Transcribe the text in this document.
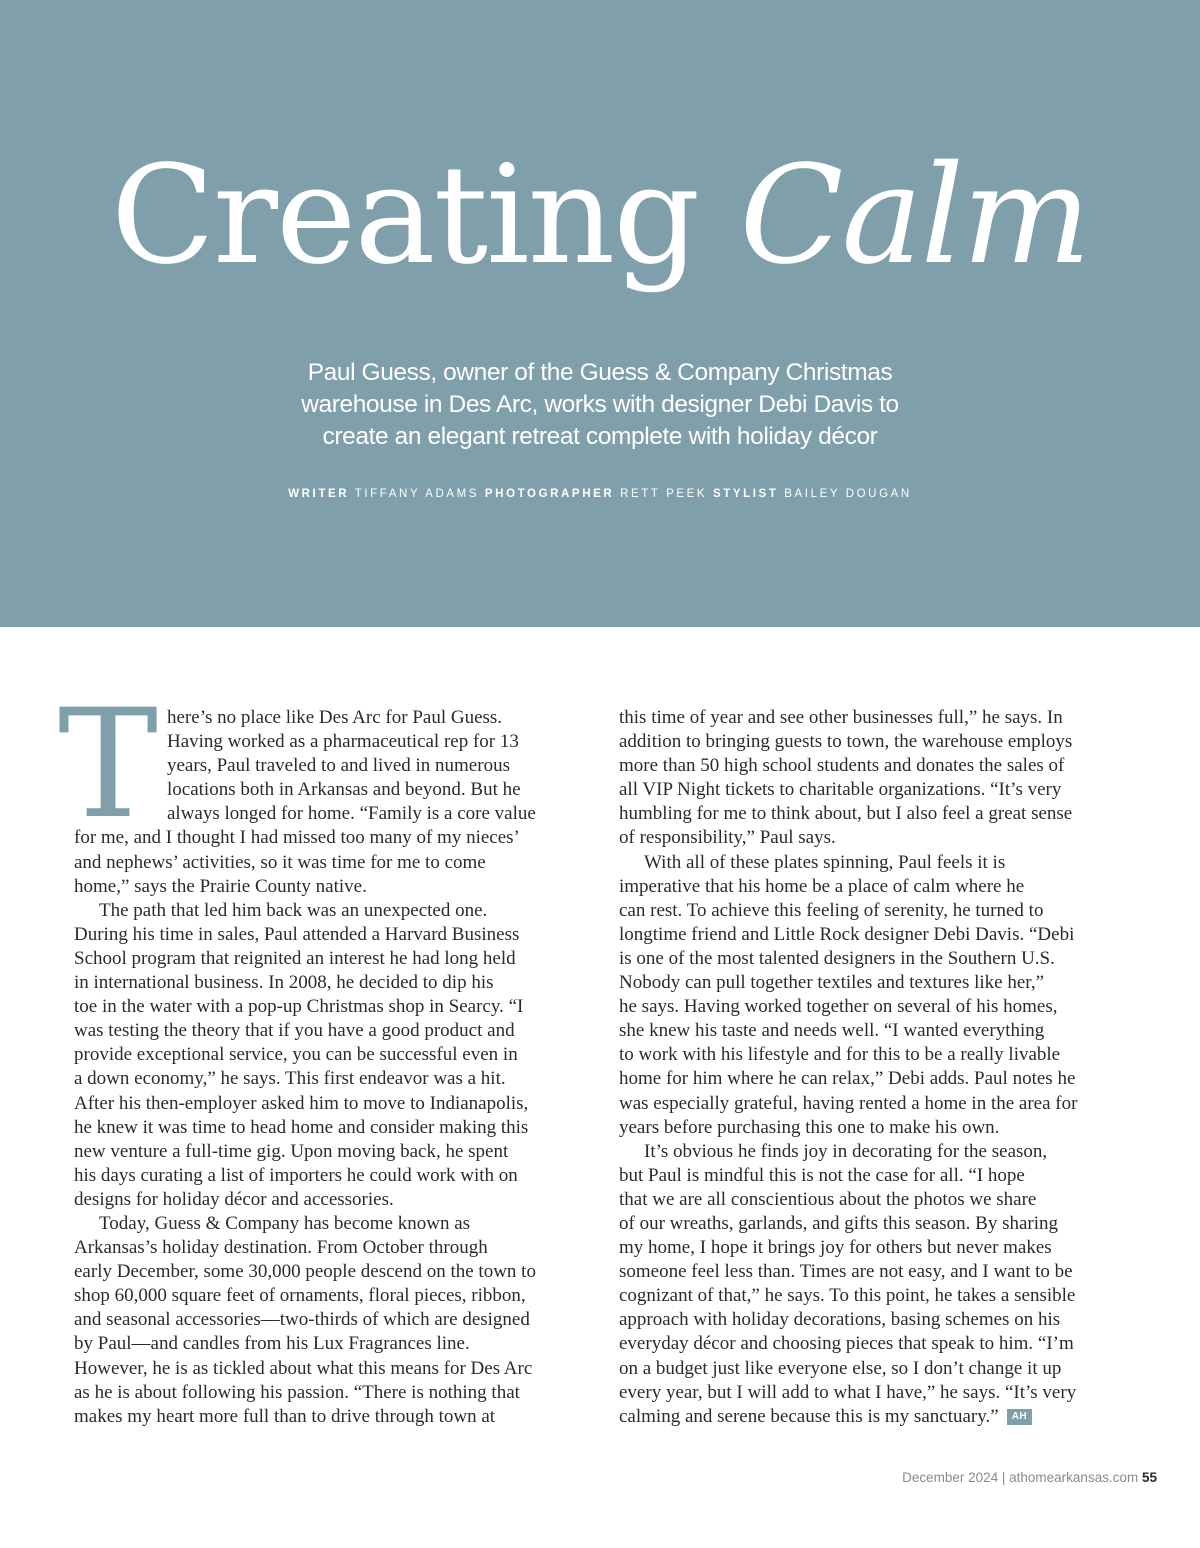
Creating Calm
Paul Guess, owner of the Guess & Company Christmas
warehouse in Des Arc, works with designer Debi Davis to
create an elegant retreat complete with holiday décor
WRITER TIFFANY ADAMS PHOTOGRAPHER RETT PEEK STYLIST BAILEY DOUGAN
T here’s no place like Des Arc for Paul Guess.
Having worked as a pharmaceutical rep for 13
years, Paul traveled to and lived in numerous
locations both in Arkansas and beyond. But he
always longed for home. “Family is a core value
for me, and I thought I had missed too many of my nieces’
and nephews’ activities, so it was time for me to come
home,” says the Prairie County native.
The path that led him back was an unexpected one.
During his time in sales, Paul attended a Harvard Business
School program that reignited an interest he had long held
in international business. In 2008, he decided to dip his
toe in the water with a pop-up Christmas shop in Searcy. “I
was testing the theory that if you have a good product and
provide exceptional service, you can be successful even in
a down economy,” he says. This first endeavor was a hit.
After his then-employer asked him to move to Indianapolis,
he knew it was time to head home and consider making this
new venture a full-time gig. Upon moving back, he spent
his days curating a list of importers he could work with on
designs for holiday décor and accessories.
Today, Guess & Company has become known as
Arkansas’s holiday destination. From October through
early December, some 30,000 people descend on the town to
shop 60,000 square feet of ornaments, floral pieces, ribbon,
and seasonal accessories—two-thirds of which are designed
by Paul—and candles from his Lux Fragrances line.
However, he is as tickled about what this means for Des Arc
as he is about following his passion. “There is nothing that
makes my heart more full than to drive through town at
this time of year and see other businesses full,” he says. In
addition to bringing guests to town, the warehouse employs
more than 50 high school students and donates the sales of
all VIP Night tickets to charitable organizations. “It’s very
humbling for me to think about, but I also feel a great sense
of responsibility,” Paul says.
With all of these plates spinning, Paul feels it is
imperative that his home be a place of calm where he
can rest. To achieve this feeling of serenity, he turned to
longtime friend and Little Rock designer Debi Davis. “Debi
is one of the most talented designers in the Southern U.S.
Nobody can pull together textiles and textures like her,”
he says. Having worked together on several of his homes,
she knew his taste and needs well. “I wanted everything
to work with his lifestyle and for this to be a really livable
home for him where he can relax,” Debi adds. Paul notes he
was especially grateful, having rented a home in the area for
years before purchasing this one to make his own.
It’s obvious he finds joy in decorating for the season,
but Paul is mindful this is not the case for all. “I hope
that we are all conscientious about the photos we share
of our wreaths, garlands, and gifts this season. By sharing
my home, I hope it brings joy for others but never makes
someone feel less than. Times are not easy, and I want to be
cognizant of that,” he says. To this point, he takes a sensible
approach with holiday decorations, basing schemes on his
everyday décor and choosing pieces that speak to him. “I’m
on a budget just like everyone else, so I don’t change it up
every year, but I will add to what I have,” he says. “It’s very
calming and serene because this is my sanctuary.” AH
December 2024 | athomearkansas.com 55
